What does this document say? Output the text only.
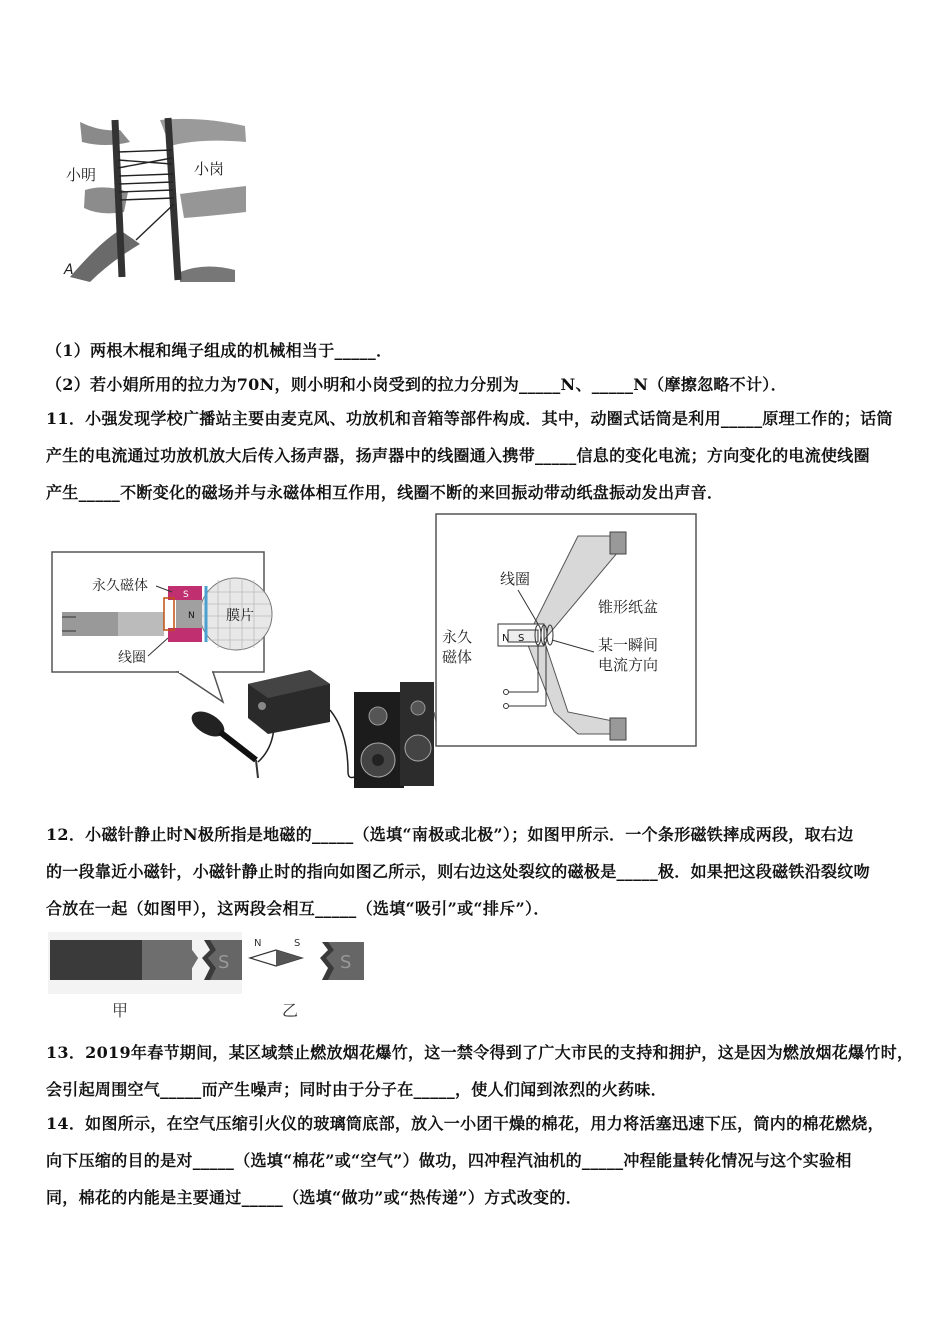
小明	小岗
A
（1）两根木棍和绳子组成的机械相当于_____．
（2）若小娟所用的拉力为70N，则小明和小岗受到的拉力分别为_____N、_____N（摩擦忽略不计）．
11．小强发现学校广播站主要由麦克风、功放机和音箱等部件构成．其中，动圈式话筒是利用_____原理工作的；话筒
产生的电流通过功放机放大后传入扬声器，扬声器中的线圈通入携带_____信息的变化电流；方向变化的电流使线圈
产生_____不断变化的磁场并与永磁体相互作用，线圈不断的来回振动带动纸盘振动发出声音．
S
N
永久磁体
膜片
线圈
N S
线圈
锥形纸盆
永久
磁体
某一瞬间
电流方向
12．小磁针静止时N极所指是地磁的_____（选填“南极或北极”）；如图甲所示．一个条形磁铁摔成两段，取右边
的一段靠近小磁针，小磁针静止时的指向如图乙所示，则右边这处裂纹的磁极是_____极．如果把这段磁铁沿裂纹吻
合放在一起（如图甲），这两段会相互_____（选填“吸引”或“排斥”）．
S
N	S
S
甲	乙
13．2019年春节期间，某区域禁止燃放烟花爆竹，这一禁令得到了广大市民的支持和拥护，这是因为燃放烟花爆竹时，
会引起周围空气_____而产生噪声；同时由于分子在_____，使人们闻到浓烈的火药味．
14．如图所示，在空气压缩引火仪的玻璃筒底部，放入一小团干燥的棉花，用力将活塞迅速下压，筒内的棉花燃烧，
向下压缩的目的是对_____（选填“棉花”或“空气”）做功，四冲程汽油机的_____冲程能量转化情况与这个实验相
同，棉花的内能是主要通过_____（选填“做功”或“热传递”）方式改变的．
